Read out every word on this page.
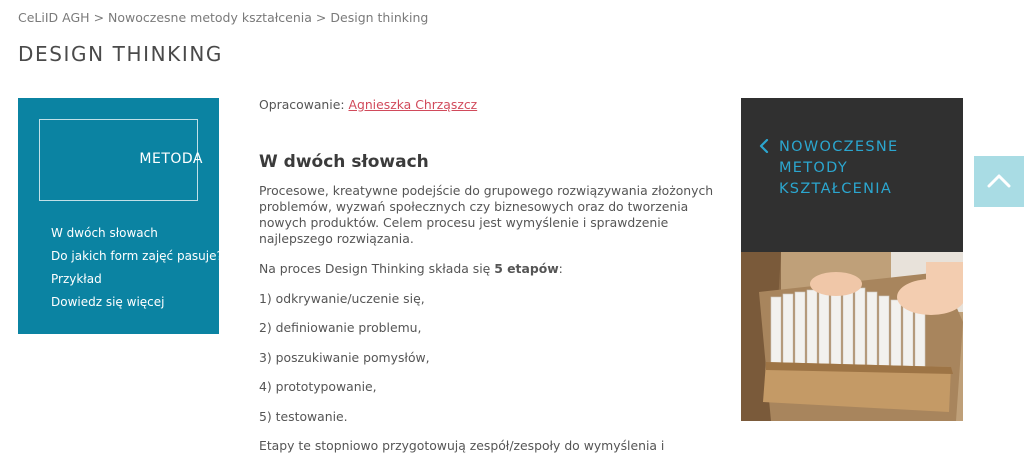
CeLiID AGH > Nowoczesne metody kształcenia > Design thinking
DESIGN THINKING
METODA
W dwóch słowach
Do jakich form zajęć pasuje?
Przykład
Dowiedz się więcej
Opracowanie: Agnieszka Chrząszcz
W dwóch słowach

Procesowe, kreatywne podejście do grupowego rozwiązywania złożonych problemów, wyzwań społecznych czy biznesowych oraz do tworzenia nowych produktów. Celem procesu jest wymyślenie i sprawdzenie najlepszego rozwiązania.

Na proces Design Thinking składa się 5 etapów:

1) odkrywanie/uczenie się,

2) definiowanie problemu,

3) poszukiwanie pomysłów,

4) prototypowanie,

5) testowanie.

Etapy te stopniowo przygotowują zespół/zespoły do wymyślenia i

NOWOCZESNE
METODY
KSZTAŁCENIA
